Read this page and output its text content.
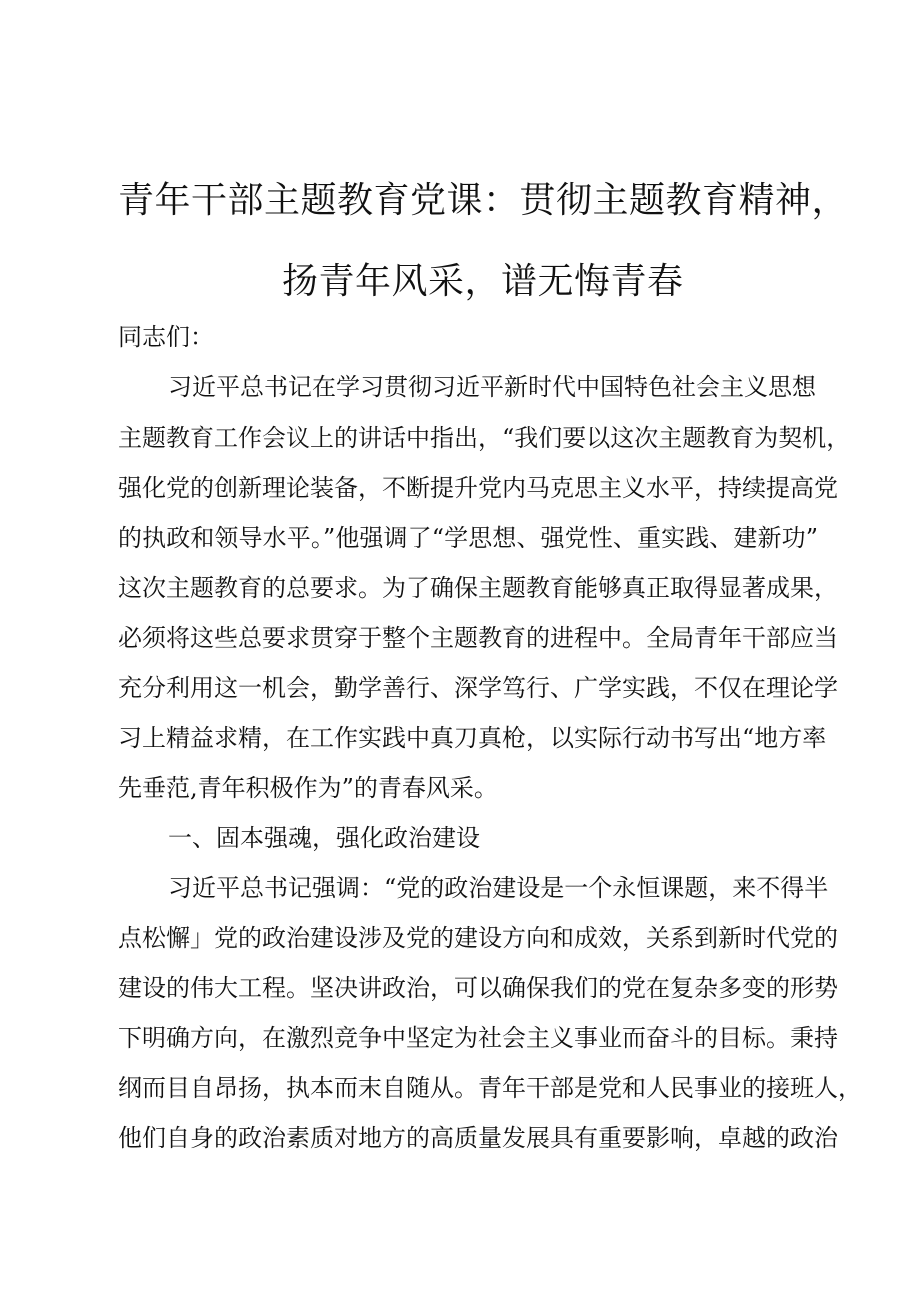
青年干部主题教育党课：贯彻主题教育精神，
扬青年风采，谱无悔青春
同志们：
习近平总书记在学习贯彻习近平新时代中国特色社会主义思想
主题教育工作会议上的讲话中指出，“我们要以这次主题教育为契机，
强化党的创新理论装备，不断提升党内马克思主义水平，持续提高党
的执政和领导水平。”他强调了“学思想、强党性、重实践、建新功”
这次主题教育的总要求。为了确保主题教育能够真正取得显著成果，
必须将这些总要求贯穿于整个主题教育的进程中。全局青年干部应当
充分利用这一机会，勤学善行、深学笃行、广学实践，不仅在理论学
习上精益求精，在工作实践中真刀真枪，以实际行动书写出“地方率
先垂范,青年积极作为”的青春风采。
一、固本强魂，强化政治建设
习近平总书记强调：“党的政治建设是一个永恒课题，来不得半
点松懈」党的政治建设涉及党的建设方向和成效，关系到新时代党的
建设的伟大工程。坚决讲政治，可以确保我们的党在复杂多变的形势
下明确方向，在激烈竞争中坚定为社会主义事业而奋斗的目标。秉持
纲而目自昂扬，执本而末自随从。青年干部是党和人民事业的接班人，
他们自身的政治素质对地方的高质量发展具有重要影响，卓越的政治
